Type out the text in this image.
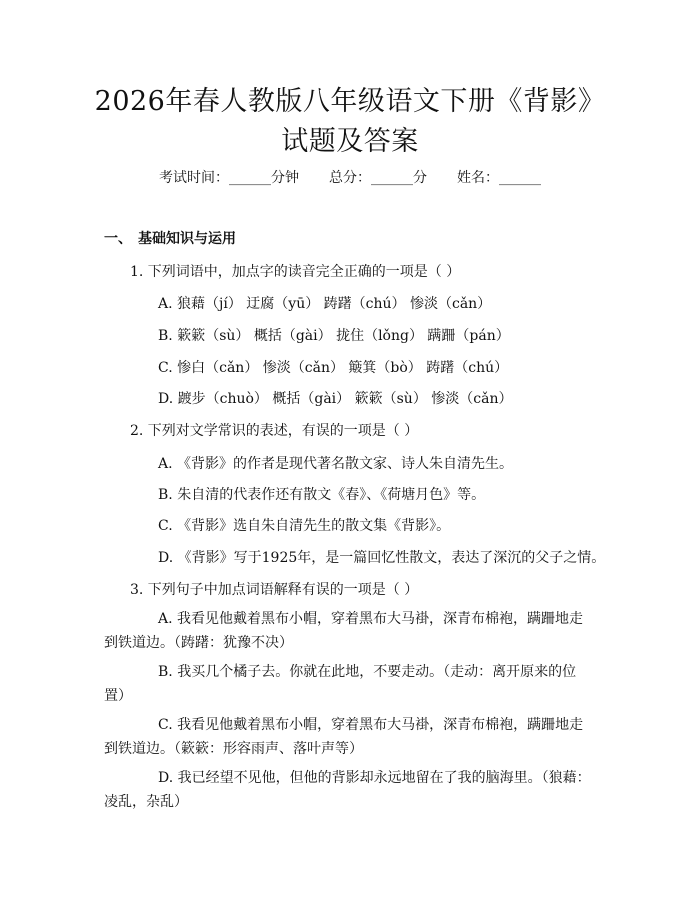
2026年春人教版八年级语文下册《背影》试题及答案
考试时间：______分钟 总分：______分 姓名：______
一、 基础知识与运用
1. 下列词语中，加点字的读音完全正确的一项是（ ）
A. 狼藉（jí） 迂腐（yū） 踌躇（chú） 惨淡（cǎn）
B. 簌簌（sù） 概括（gài） 拢住（lǒng） 蹒跚（pán）
C. 惨白（cǎn） 惨淡（cǎn） 簸箕（bò） 踌躇（chú）
D. 踱步（chuò） 概括（gài） 簌簌（sù） 惨淡（cǎn）
2. 下列对文学常识的表述，有误的一项是（ ）
A. 《背影》的作者是现代著名散文家、诗人朱自清先生。
B. 朱自清的代表作还有散文《春》、《荷塘月色》等。
C. 《背影》选自朱自清先生的散文集《背影》。
D. 《背影》写于1925年，是一篇回忆性散文，表达了深沉的父子之情。
3. 下列句子中加点词语解释有误的一项是（ ）
A. 我看见他戴着黑布小帽，穿着黑布大马褂，深青布棉袍，蹒跚地走到铁道边。（踌躇：犹豫不决）
B. 我买几个橘子去。你就在此地，不要走动。（走动：离开原来的位置）
C. 我看见他戴着黑布小帽，穿着黑布大马褂，深青布棉袍，蹒跚地走到铁道边。（簌簌：形容雨声、落叶声等）
D. 我已经望不见他，但他的背影却永远地留在了我的脑海里。（狼藉：凌乱，杂乱）
